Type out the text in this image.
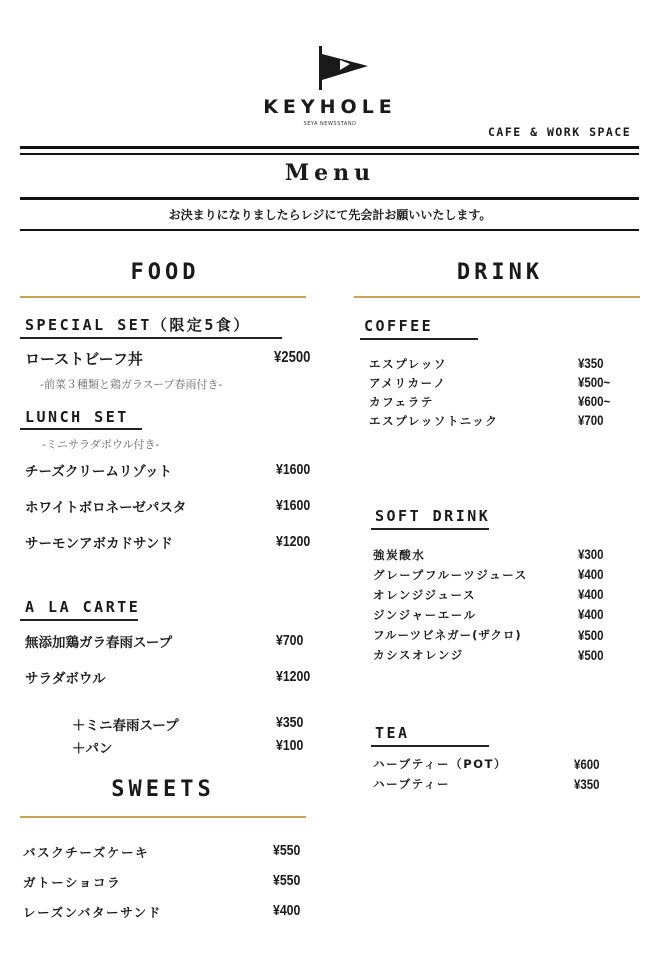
KEYHOLE
SEYA NEWSSTAND
CAFE & WORK SPACE
Menu
お決まりになりましたらレジにて先会計お願いいたします。
FOOD	DRINK
SPECIAL SET（限定5食）
ローストビーフ丼	¥2500
-前菜３種類と鶏ガラスープ春雨付き-
LUNCH SET
-ミニサラダボウル付き-
チーズクリームリゾット	¥1600
ホワイトボロネーゼパスタ	¥1600
サーモンアボカドサンド	¥1200
A LA CARTE
無添加鶏ガラ春雨スープ	¥700
サラダボウル	¥1200
＋ミニ春雨スープ	¥350
＋パン	¥100
SWEETS
バスクチーズケーキ	¥550
ガトーショコラ	¥550
レーズンバターサンド	¥400
COFFEE
エスプレッソ	¥350
アメリカーノ	¥500~
カフェラテ	¥600~
エスプレッソトニック	¥700
SOFT DRINK
強炭酸水	¥300
グレープフルーツジュース	¥400
オレンジジュース	¥400
ジンジャーエール	¥400
フルーツビネガー(ザクロ)	¥500
カシスオレンジ	¥500
TEA
ハーブティー（POT）	¥600
ハーブティー	¥350
